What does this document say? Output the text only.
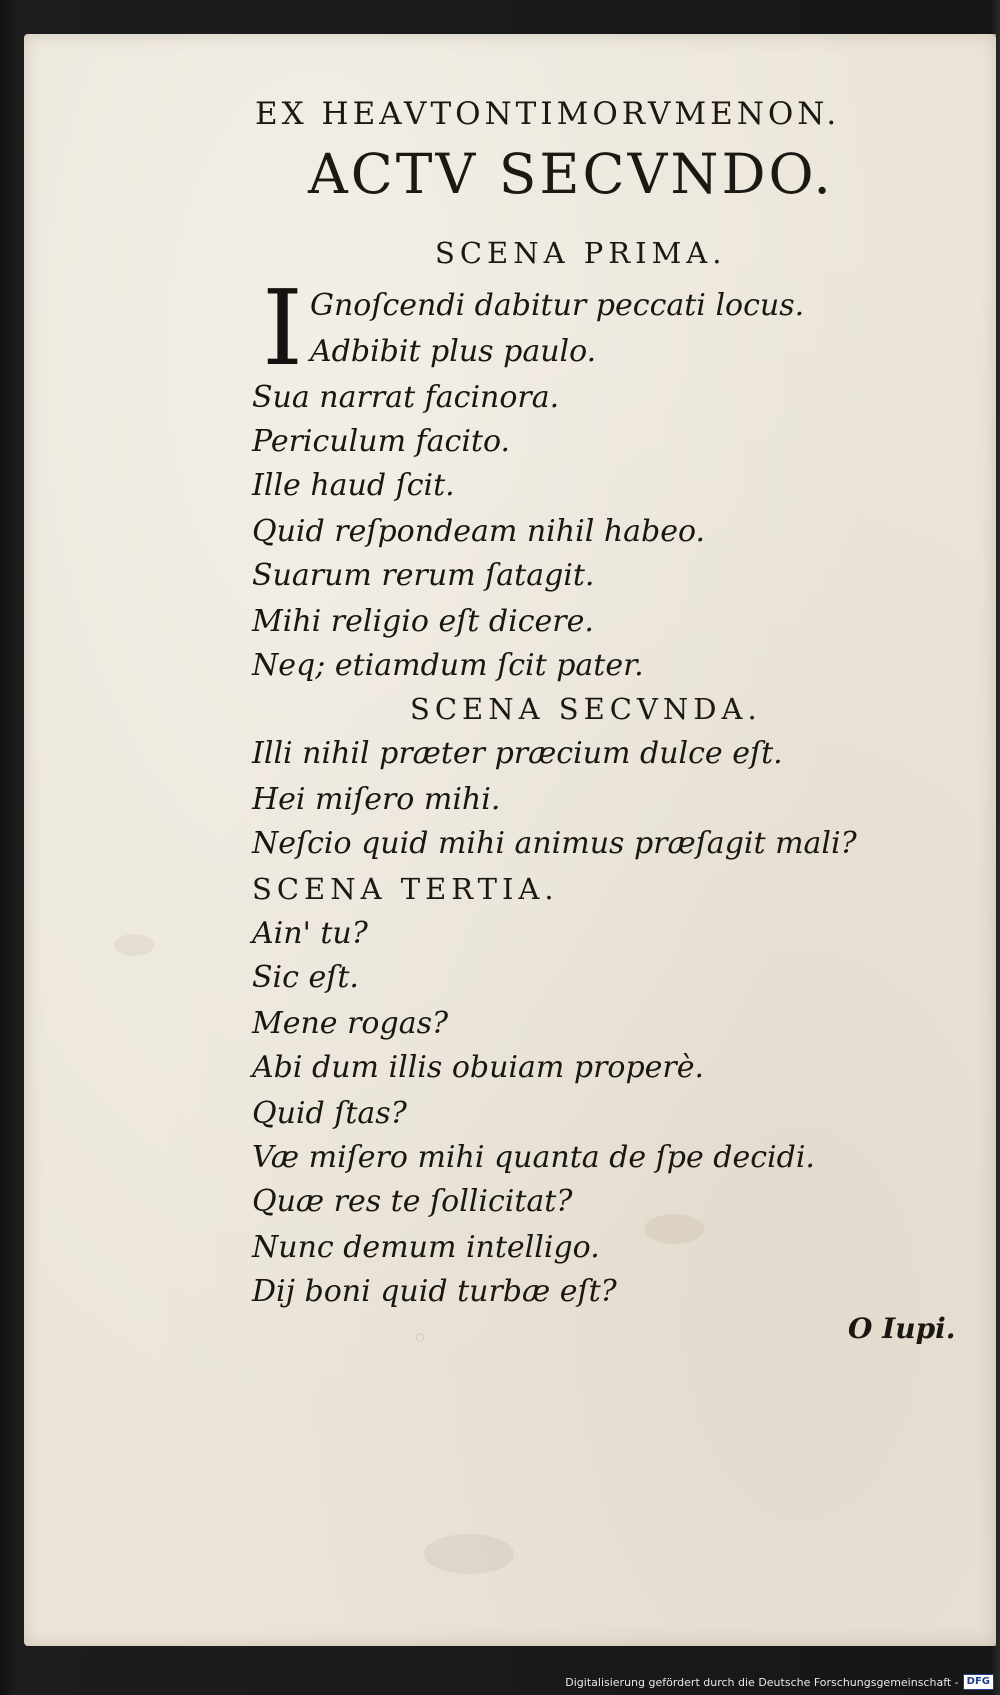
EX HEAVTONTIMORVMENON.
ACTV SECVNDO.
SCENA PRIMA.
I Gnoſcendi dabitur peccati locus.
Adbibit plus paulo.
Sua narrat facinora.
Periculum facito.
Ille haud ſcit.
Quid reſpondeam nihil habeo.
Suarum rerum ſatagit.
Mihi religio eſt dicere.
Neq; etiamdum ſcit pater.
SCENA SECVNDA.
Illi nihil præter præcium dulce eſt.
Hei miſero mihi.
Neſcio quid mihi animus præſagit mali?
SCENA TERTIA.
Ain' tu?
Sic eſt.
Mene rogas?
Abi dum illis obuiam properè.
Quid ſtas?
Væ miſero mihi quanta de ſpe decidi.
Quæ res te ſollicitat?
Nunc demum intelligo.
Dij boni quid turbæ eſt?
O Iupi.
◦
Digitalisierung gefördert durch die Deutsche Forschungsgemeinschaft - DFG
